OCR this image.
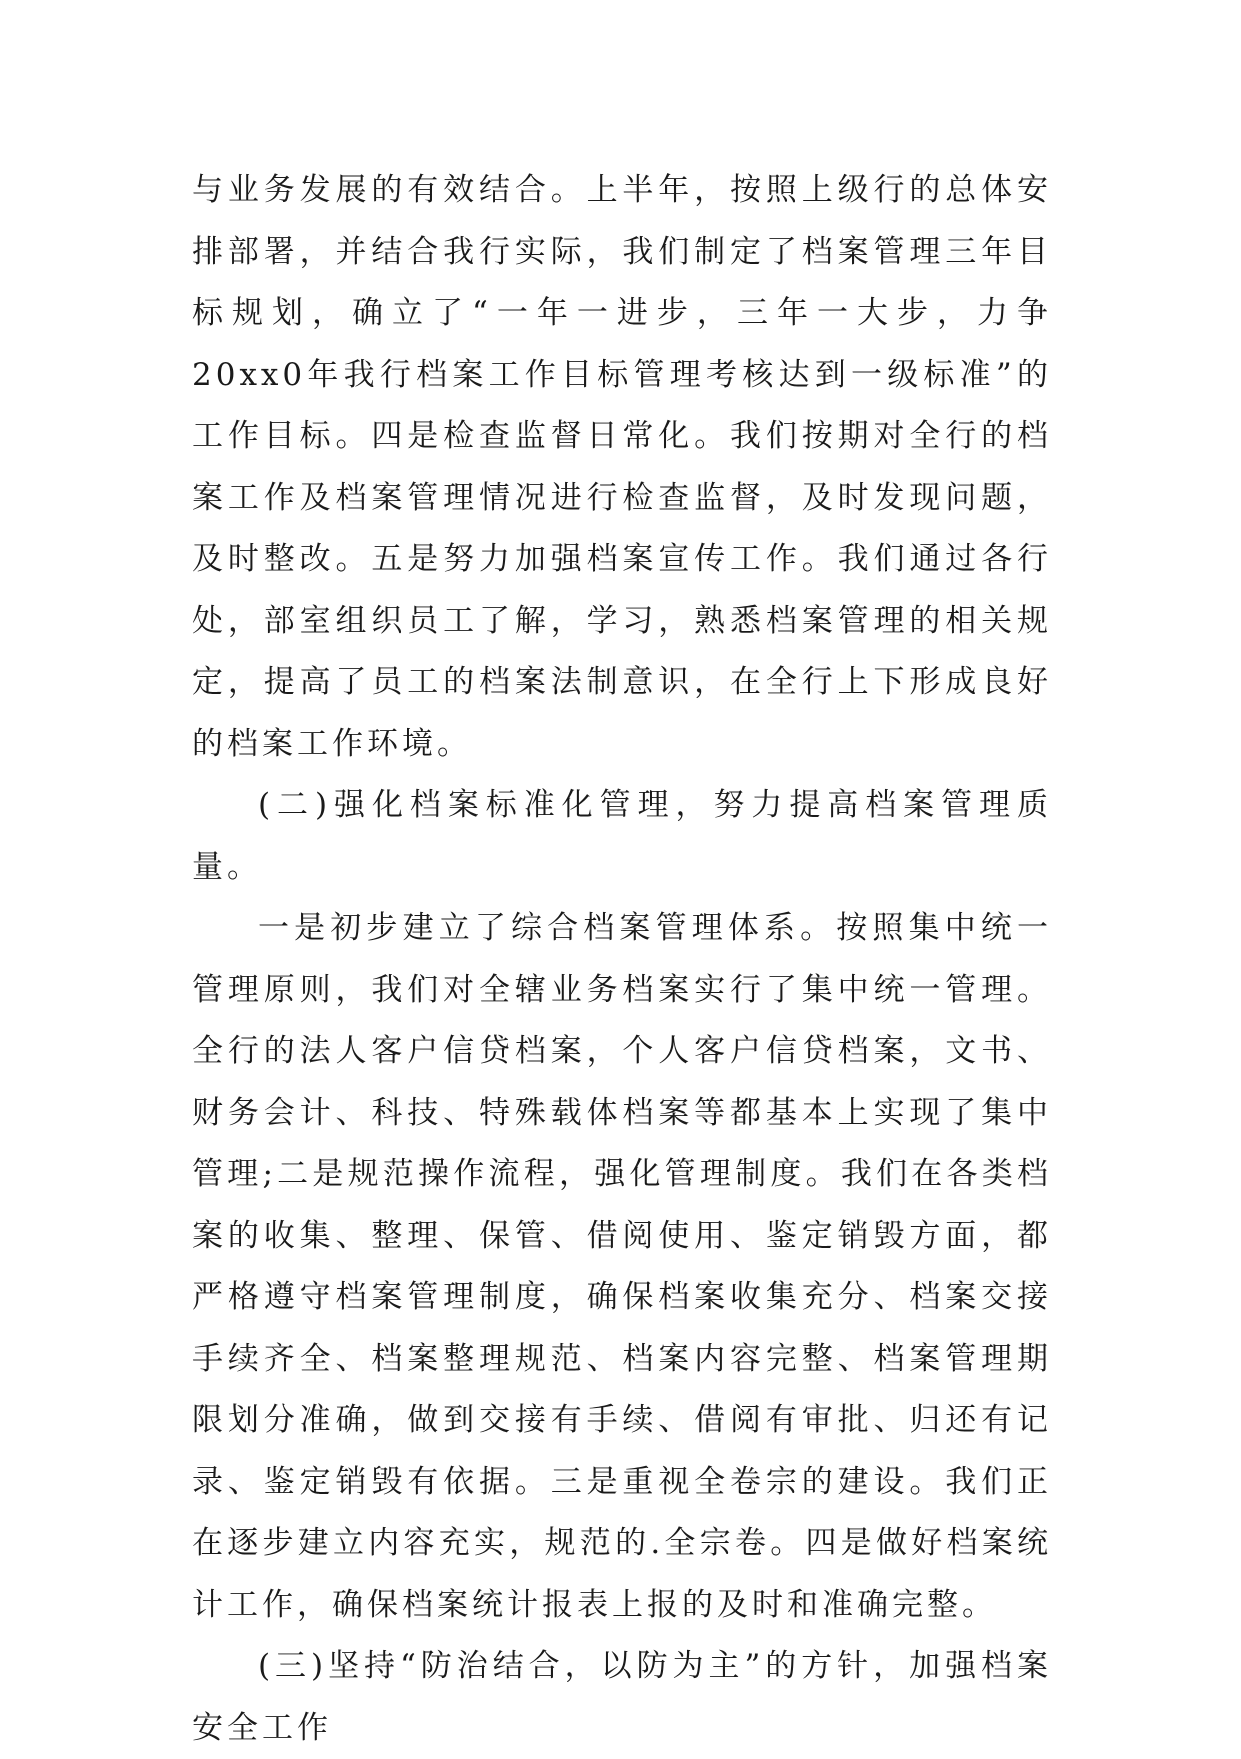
与业务发展的有效结合。上半年，按照上级行的总体安排部署，并结合我行实际，我们制定了档案管理三年目标规划，确立了“一年一进步，三年一大步，力争20xx0年我行档案工作目标管理考核达到一级标准”的工作目标。四是检查监督日常化。我们按期对全行的档案工作及档案管理情况进行检查监督，及时发现问题，及时整改。五是努力加强档案宣传工作。我们通过各行处，部室组织员工了解，学习，熟悉档案管理的相关规定，提高了员工的档案法制意识，在全行上下形成良好的档案工作环境。

(二)强化档案标准化管理，努力提高档案管理质量。

一是初步建立了综合档案管理体系。按照集中统一管理原则，我们对全辖业务档案实行了集中统一管理。全行的法人客户信贷档案，个人客户信贷档案，文书、财务会计、科技、特殊载体档案等都基本上实现了集中管理;二是规范操作流程，强化管理制度。我们在各类档案的收集、整理、保管、借阅使用、鉴定销毁方面，都严格遵守档案管理制度，确保档案收集充分、档案交接手续齐全、档案整理规范、档案内容完整、档案管理期限划分准确，做到交接有手续、借阅有审批、归还有记录、鉴定销毁有依据。三是重视全卷宗的建设。我们正在逐步建立内容充实，规范的.全宗卷。四是做好档案统计工作，确保档案统计报表上报的及时和准确完整。

(三)坚持“防治结合，以防为主”的方针，加强档案安全工作
